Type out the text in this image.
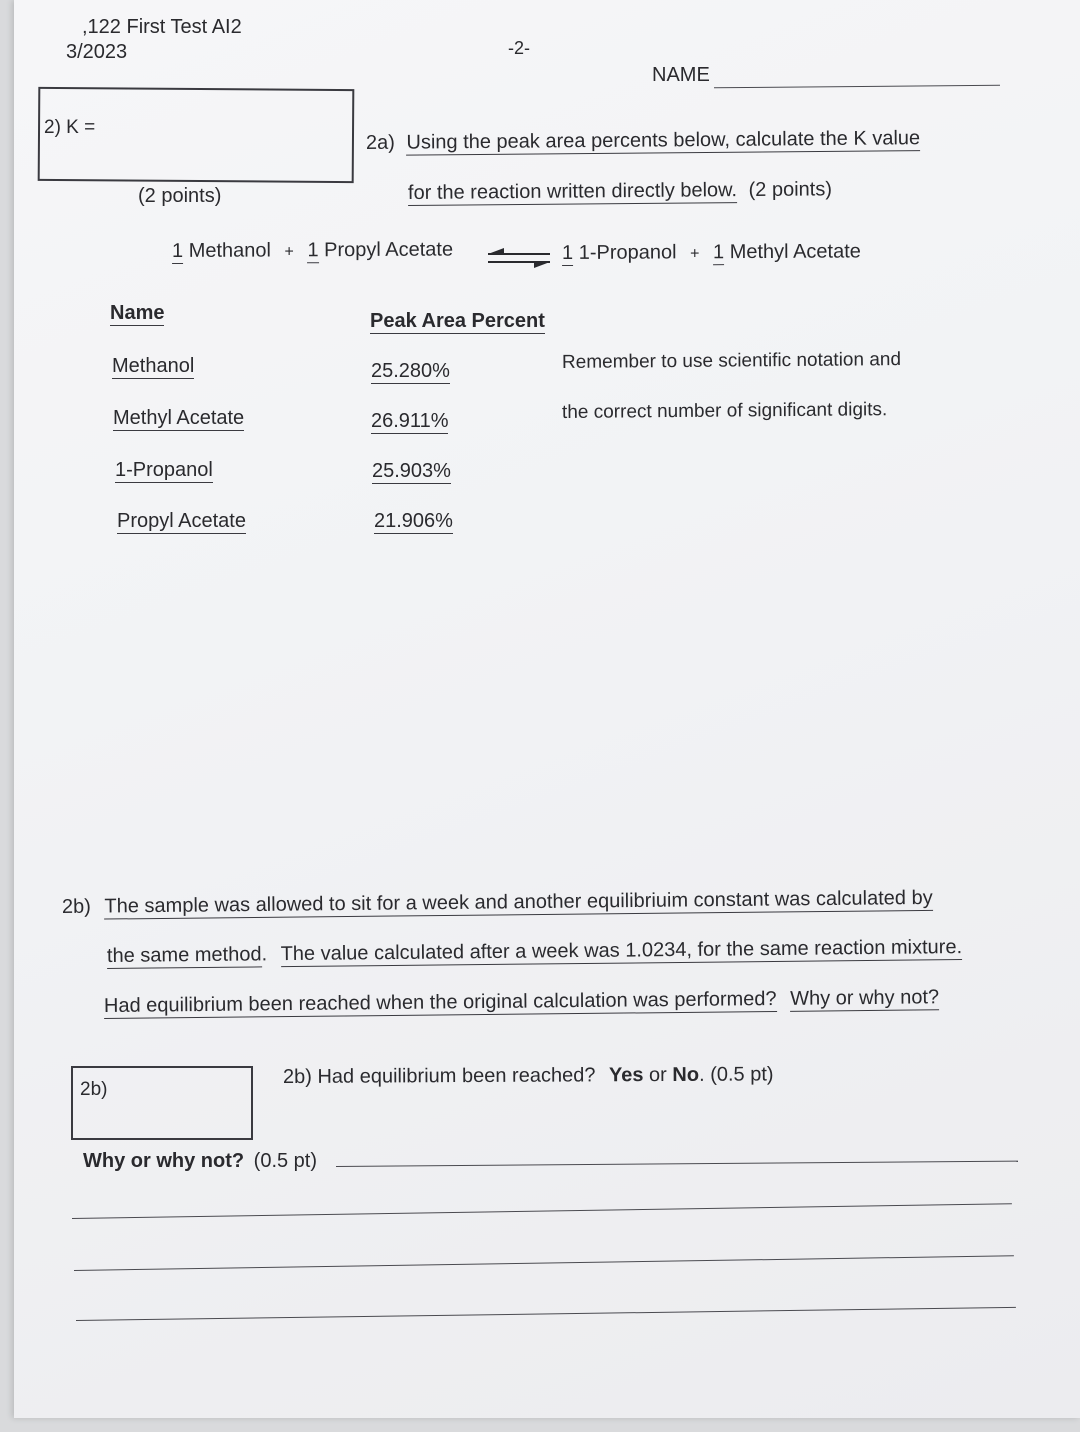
,122 First Test AI2
3/2023	-2-
NAME
2) K =
(2 points)
2a) Using the peak area percents below, calculate the K value
for the reaction written directly below. (2 points)
1 Methanol + 1 Propyl Acetate	1 1-Propanol + 1 Methyl Acetate
Name	Peak Area Percent
Methanol	25.280%
Methyl Acetate	26.911%
1-Propanol	25.903%
Propyl Acetate	21.906%
Remember to use scientific notation and
the correct number of significant digits.
2b) The sample was allowed to sit for a week and another equilibriuim constant was calculated by
the same method. The value calculated after a week was 1.0234, for the same reaction mixture.
Had equilibrium been reached when the original calculation was performed? Why or why not?
2b)
2b) Had equilibrium been reached? Yes or No. (0.5 pt)
Why or why not? (0.5 pt)
